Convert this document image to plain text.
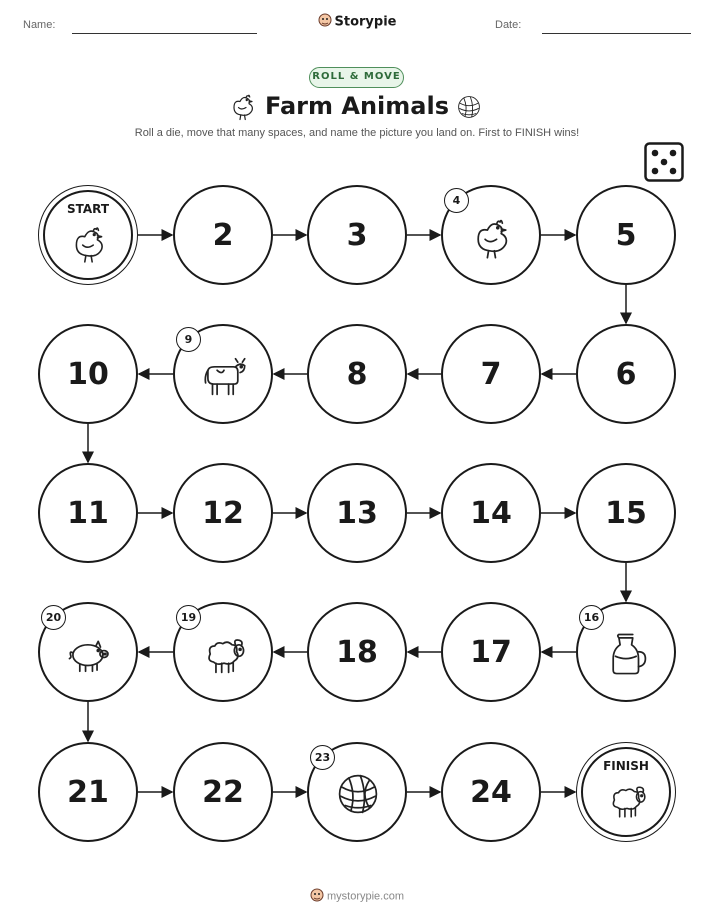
Name:	Storypie	Date:
ROLL & MOVE
Farm Animals
Roll a die, move that many spaces, and name the picture you land on. First to FINISH wins!
START
2	3
4
5
6
7
8
9
10
11	12	13	14	15
16
17
18
19
20
21	22
23
24
FINISH
mystorypie.com
